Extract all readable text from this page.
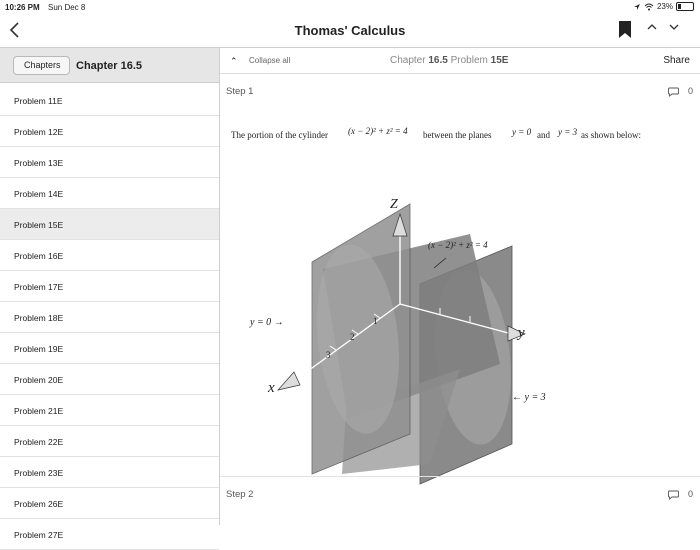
10:26 PM Sun Dec 8	23%
Thomas' Calculus
Chapters	Chapter 16.5
Problem 11E
Problem 12E
Problem 13E
Problem 14E
Problem 15E
Problem 16E
Problem 17E
Problem 18E
Problem 19E
Problem 20E
Problem 21E
Problem 22E
Problem 23E
Problem 26E
Problem 27E
⌃ Collapse all	Chapter 16.5 Problem 15E	Share
Step 1	0
The portion of the cylinder (x − 2)² + z² = 4 between the planes y = 0 and y = 3 as shown below:
Z
y
x
(x − 2)² + z² = 4
y = 0 →
← y = 3
1
2
3
Step 2	0
